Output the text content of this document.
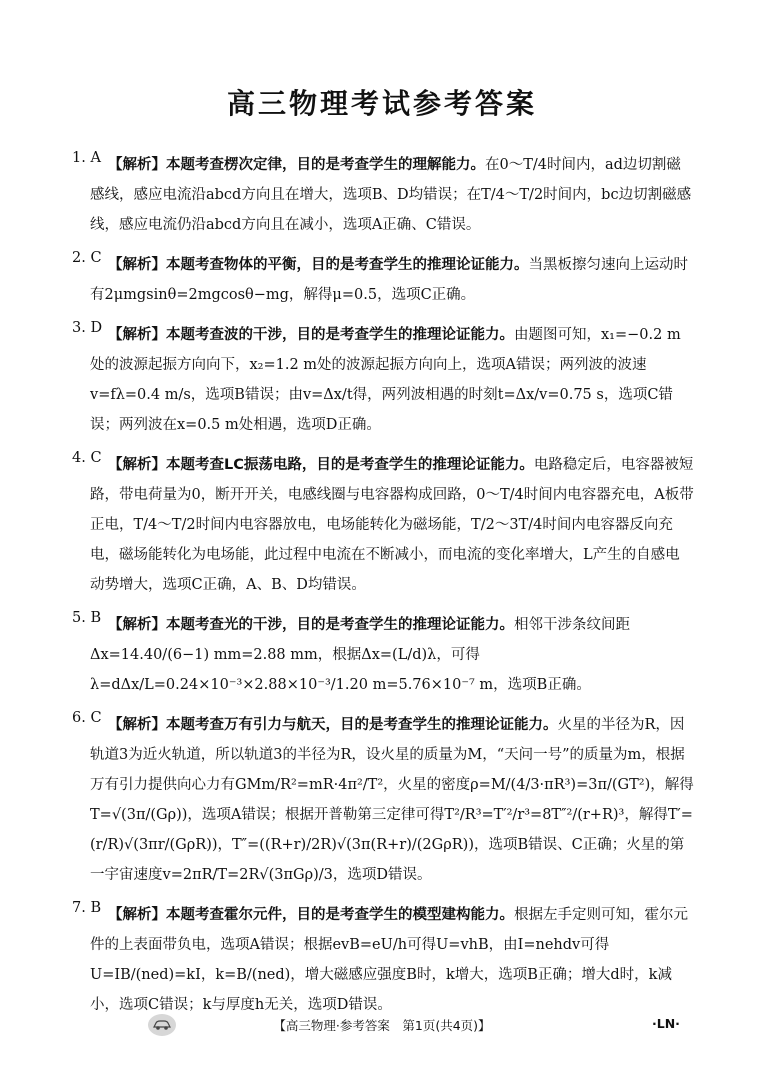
高三物理考试参考答案
1. A 【解析】本题考查楞次定律，目的是考查学生的理解能力。在0～T/4时间内，ad边切割磁感线，感应电流沿abcd方向且在增大，选项B、D均错误；在T/4～T/2时间内，bc边切割磁感线，感应电流仍沿abcd方向且在减小，选项A正确、C错误。

2. C 【解析】本题考查物体的平衡，目的是考查学生的推理论证能力。当黑板擦匀速向上运动时有2μmgsinθ=2mgcosθ−mg，解得μ=0.5，选项C正确。

3. D 【解析】本题考查波的干涉，目的是考查学生的推理论证能力。由题图可知，x₁=−0.2 m处的波源起振方向向下，x₂=1.2 m处的波源起振方向向上，选项A错误；两列波的波速v=fλ=0.4 m/s，选项B错误；由v=Δx/t得，两列波相遇的时刻t=Δx/v=0.75 s，选项C错误；两列波在x=0.5 m处相遇，选项D正确。

4. C 【解析】本题考查LC振荡电路，目的是考查学生的推理论证能力。电路稳定后，电容器被短路，带电荷量为0，断开开关，电感线圈与电容器构成回路，0～T/4时间内电容器充电，A板带正电，T/4～T/2时间内电容器放电，电场能转化为磁场能，T/2～3T/4时间内电容器反向充电，磁场能转化为电场能，此过程中电流在不断减小，而电流的变化率增大，L产生的自感电动势增大，选项C正确，A、B、D均错误。

5. B 【解析】本题考查光的干涉，目的是考查学生的推理论证能力。相邻干涉条纹间距Δx=14.40/(6−1) mm=2.88 mm，根据Δx=(L/d)λ，可得λ=dΔx/L=0.24×10⁻³×2.88×10⁻³/1.20 m=5.76×10⁻⁷ m，选项B正确。

6. C 【解析】本题考查万有引力与航天，目的是考查学生的推理论证能力。火星的半径为R，因轨道3为近火轨道，所以轨道3的半径为R，设火星的质量为M，“天问一号”的质量为m，根据万有引力提供向心力有GMm/R²=mR·4π²/T²，火星的密度ρ=M/(4/3·πR³)=3π/(GT²)，解得T=√(3π/(Gρ))，选项A错误；根据开普勒第三定律可得T²/R³=T′²/r³=8T″²/(r+R)³，解得T′=(r/R)√(3πr/(GρR))，T″=((R+r)/2R)√(3π(R+r)/(2GρR))，选项B错误、C正确；火星的第一宇宙速度v=2πR/T=2R√(3πGρ)/3，选项D错误。

7. B 【解析】本题考查霍尔元件，目的是考查学生的模型建构能力。根据左手定则可知，霍尔元件的上表面带负电，选项A错误；根据evB=eU/h可得U=vhB，由I=nehdv可得U=IB/(ned)=kI，k=B/(ned)，增大磁感应强度B时，k增大，选项B正确；增大d时，k减小，选项C错误；k与厚度h无关，选项D错误。

【高三物理·参考答案　第1页(共4页)】	·LN·
